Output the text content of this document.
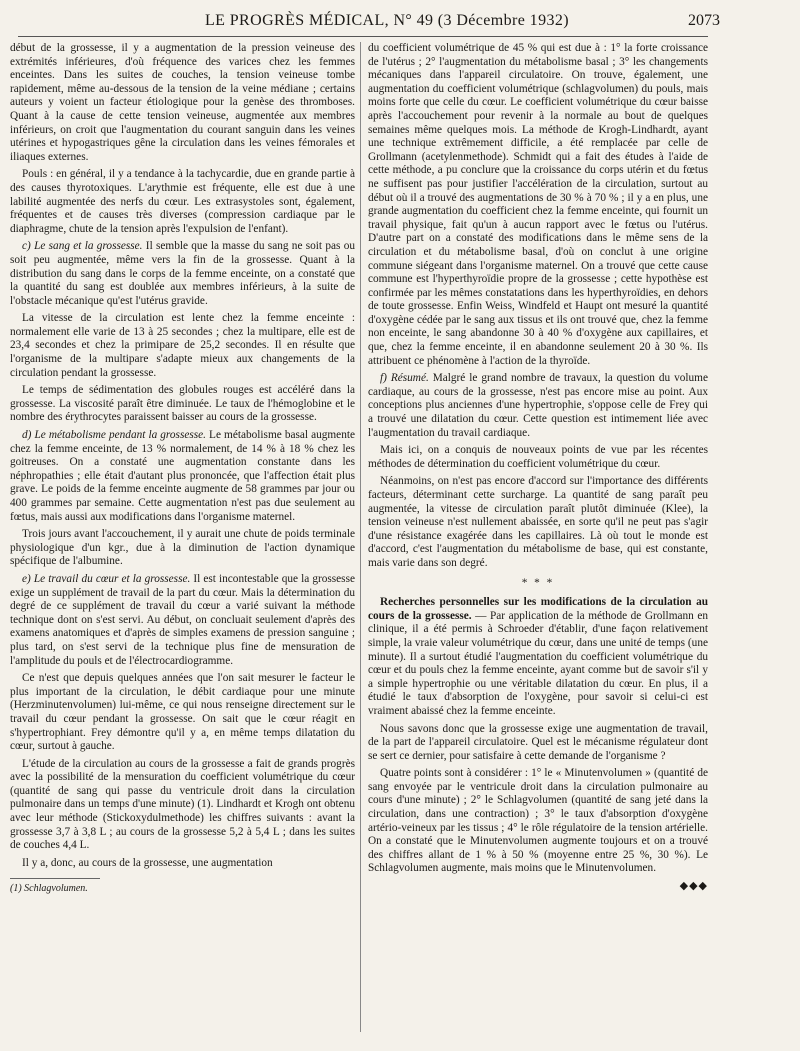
LE PROGRÈS MÉDICAL, N° 49 (3 Décembre 1932)	2073

début de la grossesse, il y a augmentation de la pression veineuse des extrémités inférieures, d'où fréquence des varices chez les femmes enceintes. Dans les suites de couches, la tension veineuse tombe rapidement, même au-dessous de la tension de la veine médiane ; certains auteurs y voient un facteur étiologique pour la genèse des thromboses. Quant à la cause de cette tension veineuse, augmentée aux membres inférieurs, on croit que l'augmentation du courant sanguin dans les veines utérines et hypogastriques gêne la circulation dans les veines fémorales et iliaques externes.

Pouls : en général, il y a tendance à la tachycardie, due en grande partie à des causes thyrotoxiques. L'arythmie est fréquente, elle est due à une labilité augmentée des nerfs du cœur. Les extrasystoles sont, également, fréquentes et de causes très diverses (compression cardiaque par le diaphragme, chute de la tension après l'expulsion de l'enfant).

c) Le sang et la grossesse. Il semble que la masse du sang ne soit pas ou soit peu augmentée, même vers la fin de la grossesse. Quant à la distribution du sang dans le corps de la femme enceinte, on a constaté que la quantité du sang est doublée aux membres inférieurs, à la suite de l'obstacle mécanique qu'est l'utérus gravide.

La vitesse de la circulation est lente chez la femme enceinte : normalement elle varie de 13 à 25 secondes ; chez la multipare, elle est de 23,4 secondes et chez la primipare de 25,2 secondes. Il en résulte que l'organisme de la multipare s'adapte mieux aux changements de la circulation pendant la grossesse.

Le temps de sédimentation des globules rouges est accéléré dans la grossesse. La viscosité paraît être diminuée. Le taux de l'hémoglobine et le nombre des érythrocytes paraissent baisser au cours de la grossesse.

d) Le métabolisme pendant la grossesse. Le métabolisme basal augmente chez la femme enceinte, de 13 % normalement, de 14 % à 18 % chez les goitreuses. On a constaté une augmentation constante dans les néphropathies ; elle était d'autant plus prononcée, que l'affection était plus grave. Le poids de la femme enceinte augmente de 58 grammes par jour ou 400 grammes par semaine. Cette augmentation n'est pas due seulement au fœtus, mais aussi aux modifications dans l'organisme maternel.

Trois jours avant l'accouchement, il y aurait une chute de poids terminale physiologique d'un kgr., due à la diminution de l'action dynamique spécifique de l'albumine.

e) Le travail du cœur et la grossesse. Il est incontestable que la grossesse exige un supplément de travail de la part du cœur. Mais la détermination du degré de ce supplément de travail du cœur a varié suivant la méthode technique dont on s'est servi. Au début, on concluait seulement d'après des examens anatomiques et d'après de simples examens de pression sanguine ; plus tard, on s'est servi de la technique plus fine de mensuration de l'amplitude du pouls et de l'électrocardiogramme.

Ce n'est que depuis quelques années que l'on sait mesurer le facteur le plus important de la circulation, le débit cardiaque pour une minute (Herzminutenvolumen) lui-même, ce qui nous renseigne directement sur le travail du cœur pendant la grossesse. On sait que le cœur réagit en s'hypertrophiant. Frey démontre qu'il y a, en même temps dilatation du cœur, surtout à gauche.

L'étude de la circulation au cours de la grossesse a fait de grands progrès avec la possibilité de la mensuration du coefficient volumétrique du cœur (quantité de sang qui passe du ventricule droit dans la circulation pulmonaire dans un temps d'une minute) (1). Lindhardt et Krogh ont obtenu avec leur méthode (Stickoxydulmethode) les chiffres suivants : avant la grossesse 3,7 à 3,8 L ; au cours de la grossesse 5,2 à 5,4 L ; dans les suites de couches 4,4 L.

Il y a, donc, au cours de la grossesse, une augmentation

(1) Schlagvolumen.

du coefficient volumétrique de 45 % qui est due à : 1° la forte croissance de l'utérus ; 2° l'augmentation du métabolisme basal ; 3° les changements mécaniques dans l'appareil circulatoire. On trouve, également, une augmentation du coefficient volumétrique (schlagvolumen) du pouls, mais moins forte que celle du cœur. Le coefficient volumétrique du cœur baisse après l'accouchement pour revenir à la normale au bout de quelques semaines même quelques mois. La méthode de Krogh-Lindhardt, ayant une technique extrêmement difficile, a été remplacée par celle de Grollmann (acetylenmethode). Schmidt qui a fait des études à l'aide de cette méthode, a pu conclure que la croissance du corps utérin et du fœtus ne suffisent pas pour justifier l'accélération de la circulation, surtout au début où il a trouvé des augmentations de 30 % à 70 % ; il y a en plus, une grande augmentation du coefficient chez la femme enceinte, qui fournit un travail physique, fait qu'un à aucun rapport avec le fœtus ou l'utérus. D'autre part on a constaté des modifications dans le même sens de la circulation et du métabolisme basal, d'où on conclut à une origine commune siégeant dans l'organisme maternel. On a trouvé que cette cause commune est l'hyperthyroïdie propre de la grossesse ; cette hypothèse est confirmée par les mêmes constatations dans les hyperthyroïdies, en dehors de toute grossesse. Enfin Weiss, Windfeld et Haupt ont mesuré la quantité d'oxygène cédée par le sang aux tissus et ils ont trouvé que, chez la femme non enceinte, le sang abandonne 30 à 40 % d'oxygène aux capillaires, et que, chez la femme enceinte, il en abandonne seulement 20 à 30 %. Ils attribuent ce phénomène à l'action de la thyroïde.

f) Résumé. Malgré le grand nombre de travaux, la question du volume cardiaque, au cours de la grossesse, n'est pas encore mise au point. Aux conceptions plus anciennes d'une hypertrophie, s'oppose celle de Frey qui a trouvé une dilatation du cœur. Cette question est intimement liée avec l'augmentation du travail cardiaque.

Mais ici, on a conquis de nouveaux points de vue par les récentes méthodes de détermination du coefficient volumétrique du cœur.

Néanmoins, on n'est pas encore d'accord sur l'importance des différents facteurs, déterminant cette surcharge. La quantité de sang paraît peu augmentée, la vitesse de circulation paraît plutôt diminuée (Klee), la tension veineuse n'est nullement abaissée, en sorte qu'il ne peut pas s'agir d'une résistance exagérée dans les capillaires. Là où tout le monde est d'accord, c'est l'augmentation du métabolisme de base, qui est constante, mais varie dans son degré.

* * *

Recherches personnelles sur les modifications de la circulation au cours de la grossesse. — Par application de la méthode de Grollmann en clinique, il a été permis à Schroeder d'établir, d'une façon relativement simple, la vraie valeur volumétrique du cœur, dans une unité de temps (une minute). Il a surtout étudié l'augmentation du coefficient volumétrique du cœur et du pouls chez la femme enceinte, ayant comme but de savoir s'il y a simple hypertrophie ou une véritable dilatation du cœur. En plus, il a étudié le taux d'absorption de l'oxygène, pour savoir si celui-ci est vraiment abaissé chez la femme enceinte.

Nous savons donc que la grossesse exige une augmentation de travail, de la part de l'appareil circulatoire. Quel est le mécanisme régulateur dont se sert ce dernier, pour satisfaire à cette demande de l'organisme ?

Quatre points sont à considérer : 1° le « Minutenvolumen » (quantité de sang envoyée par le ventricule droit dans la circulation pulmonaire au cours d'une minute) ; 2° le Schlagvolumen (quantité de sang jeté dans la circulation, dans une contraction) ; 3° le taux d'absorption d'oxygène artério-veineux par les tissus ; 4° le rôle régulatoire de la tension artérielle. On a constaté que le Minutenvolumen augmente toujours et on a trouvé des chiffres allant de 1 % à 50 % (moyenne entre 25 %, 30 %). Le Schlagvolumen augmente, mais moins que le Minutenvolumen.

◆◆◆
